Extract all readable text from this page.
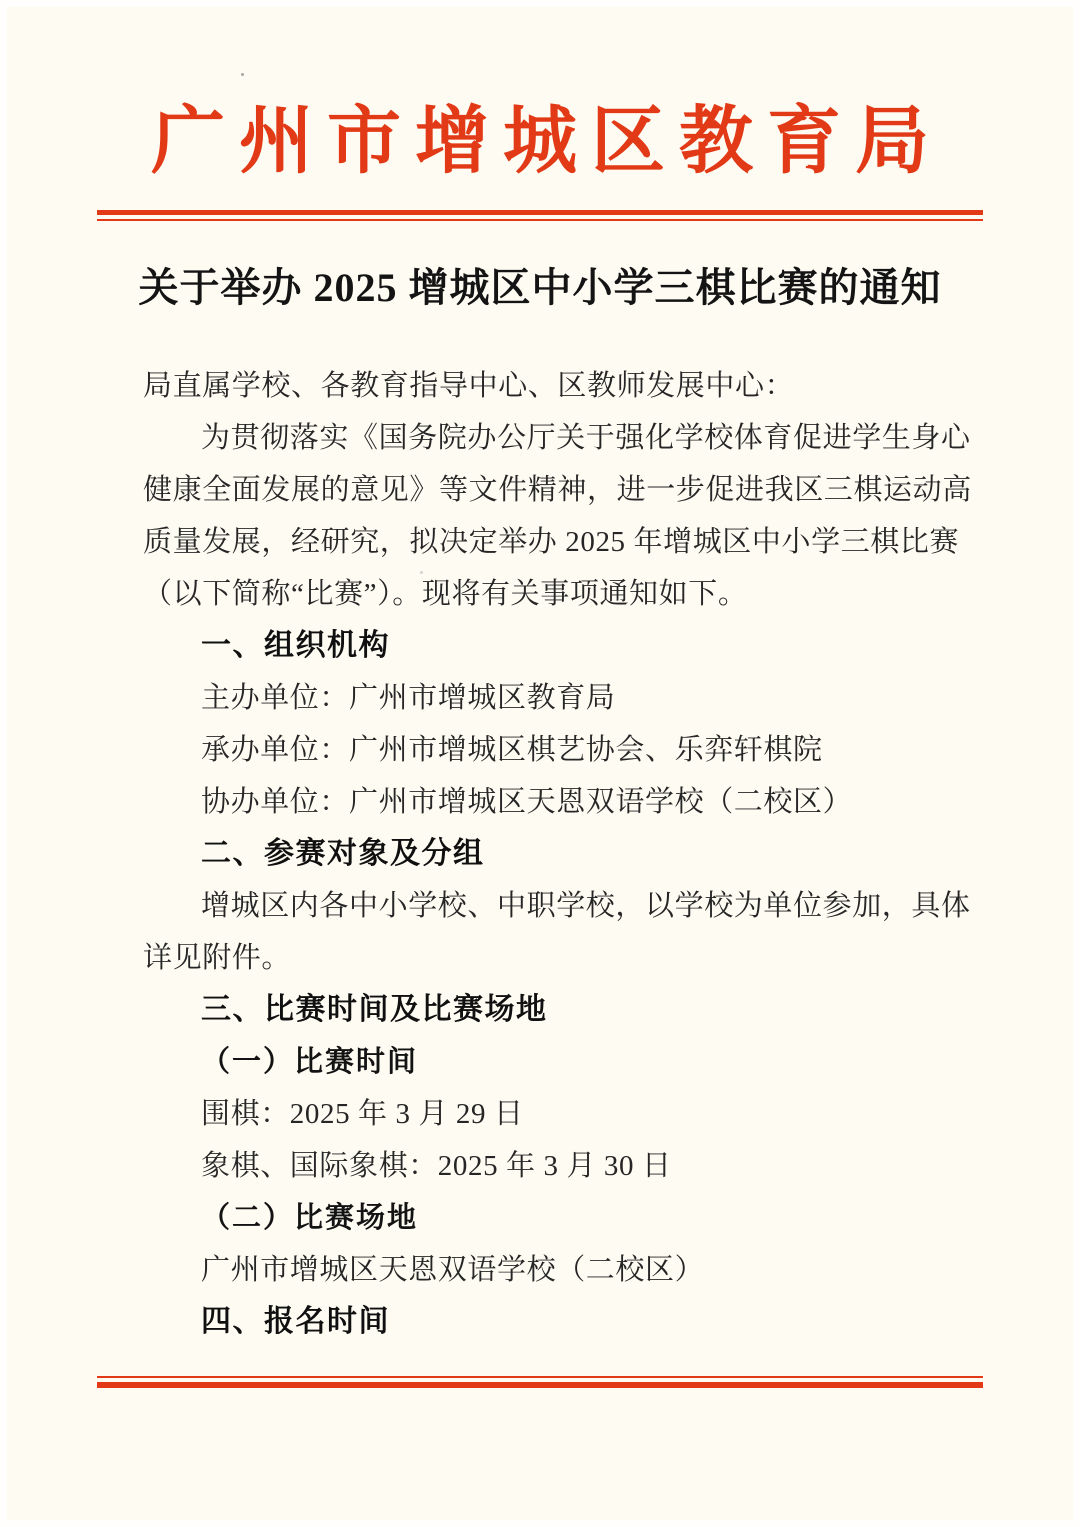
广州市增城区教育局
关于举办 2025 增城区中小学三棋比赛的通知
局直属学校、各教育指导中心、区教师发展中心：
为贯彻落实《国务院办公厅关于强化学校体育促进学生身心
健康全面发展的意见》等文件精神，进一步促进我区三棋运动高
质量发展，经研究，拟决定举办 2025 年增城区中小学三棋比赛
（以下简称“比赛”）。现将有关事项通知如下。
一、组织机构
主办单位：广州市增城区教育局
承办单位：广州市增城区棋艺协会、乐弈轩棋院
协办单位：广州市增城区天恩双语学校（二校区）
二、参赛对象及分组
增城区内各中小学校、中职学校，以学校为单位参加，具体
详见附件。
三、比赛时间及比赛场地
（一）比赛时间
围棋：2025 年 3 月 29 日
象棋、国际象棋：2025 年 3 月 30 日
（二）比赛场地
广州市增城区天恩双语学校（二校区）
四、报名时间
